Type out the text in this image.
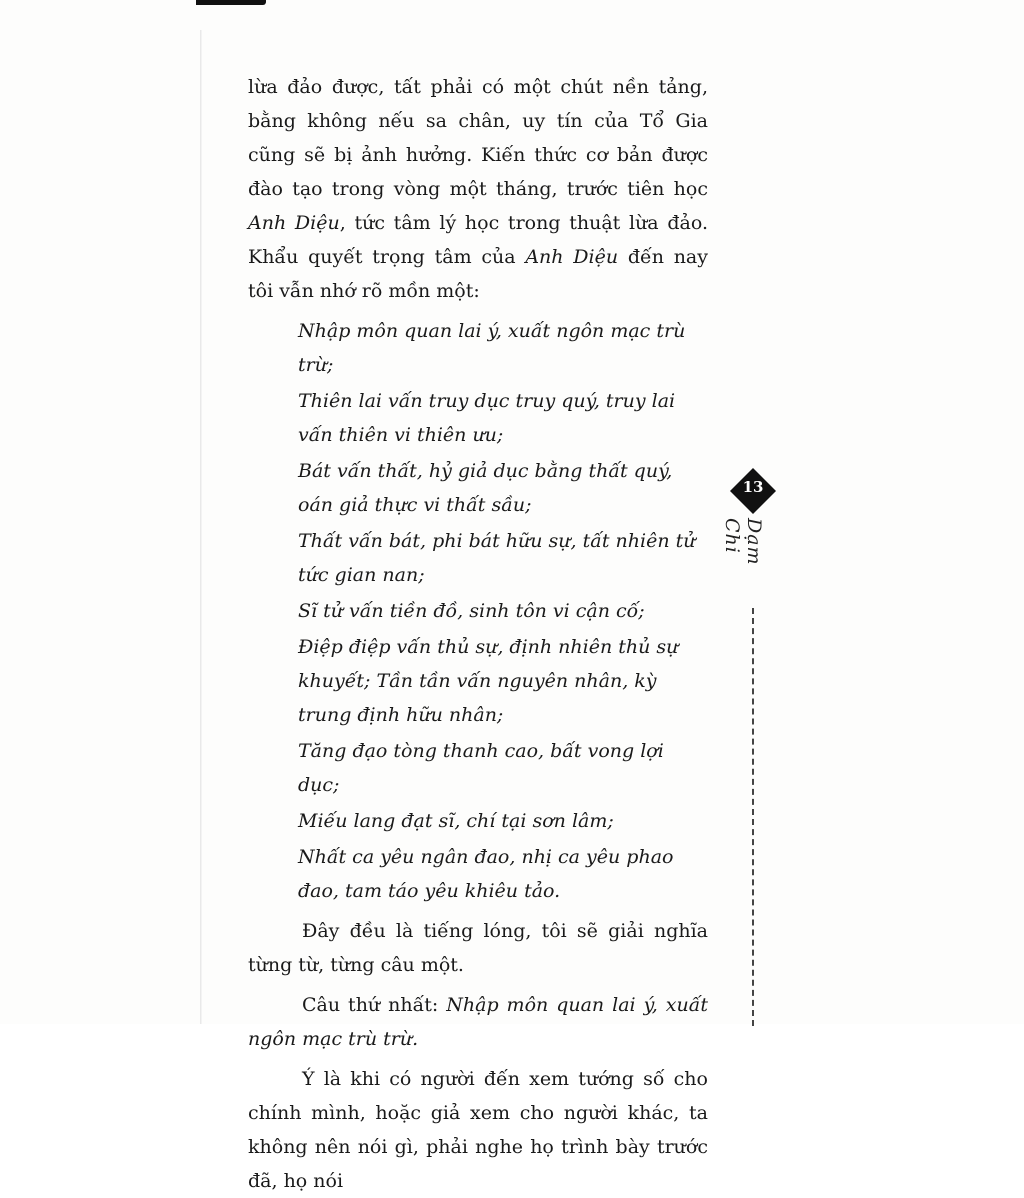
lừa đảo được, tất phải có một chút nền tảng, bằng không nếu sa chân, uy tín của Tổ Gia cũng sẽ bị ảnh hưởng. Kiến thức cơ bản được đào tạo trong vòng một tháng, trước tiên học Anh Diệu, tức tâm lý học trong thuật lừa đảo. Khẩu quyết trọng tâm của Anh Diệu đến nay tôi vẫn nhớ rõ mồn một:

Nhập môn quan lai ý, xuất ngôn mạc trù trừ;

Thiên lai vấn truy dục truy quý, truy lai vấn thiên vi thiên ưu;

Bát vấn thất, hỷ giả dục bằng thất quý, oán giả thực vi thất sầu;

Thất vấn bát, phi bát hữu sự, tất nhiên tử tức gian nan;

Sĩ tử vấn tiền đồ, sinh tôn vi cận cố;

Điệp điệp vấn thủ sự, định nhiên thủ sự khuyết; Tần tần vấn nguyên nhân, kỳ trung định hữu nhân;

Tăng đạo tòng thanh cao, bất vong lợi dục;

Miếu lang đạt sĩ, chí tại sơn lâm;

Nhất ca yêu ngân đao, nhị ca yêu phao đao, tam táo yêu khiêu tảo.

Đây đều là tiếng lóng, tôi sẽ giải nghĩa từng từ, từng câu một.

Câu thứ nhất: Nhập môn quan lai ý, xuất ngôn mạc trù trừ.

Ý là khi có người đến xem tướng số cho chính mình, hoặc giả xem cho người khác, ta không nên nói gì, phải nghe họ trình bày trước đã, họ nói

13
Dạm Chi
